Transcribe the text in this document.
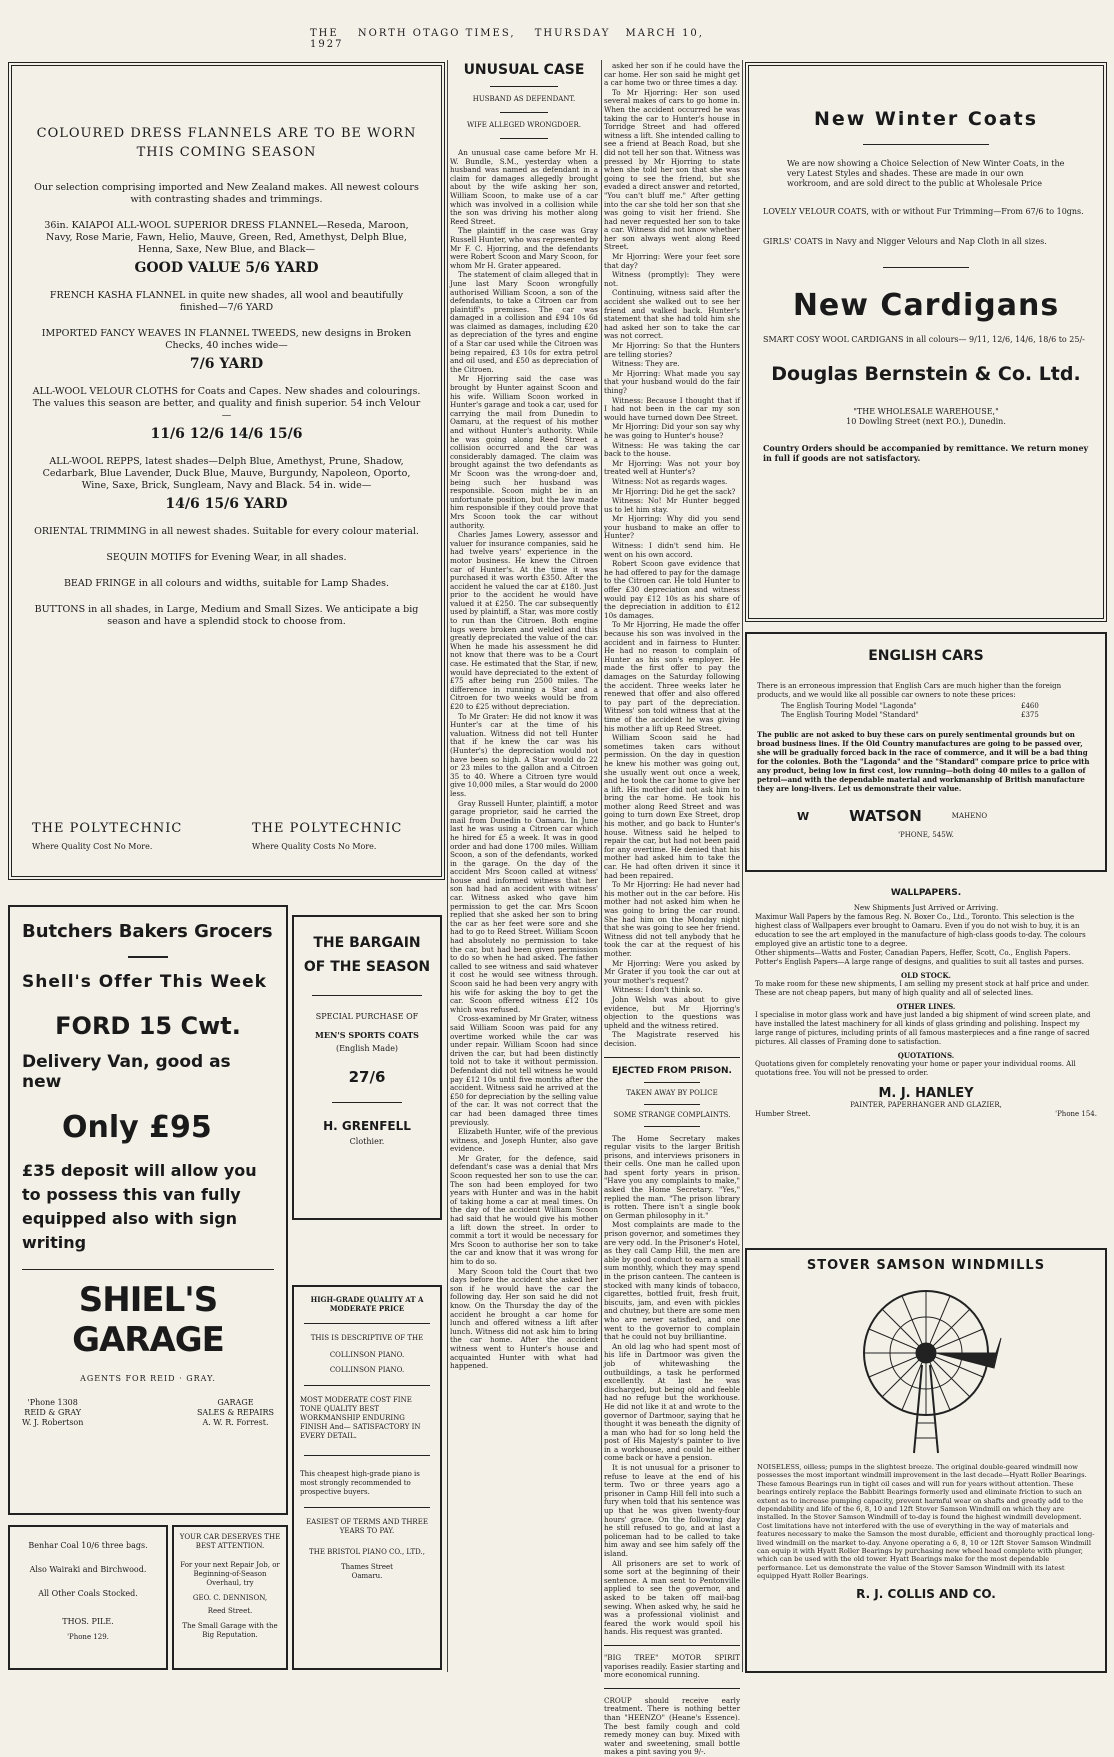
THE NORTH OTAGO TIMES, THURSDAY MARCH 10, 1927

COLOURED DRESS FLANNELS ARE TO BE WORN

THIS COMING SEASON

Our selection comprising imported and New Zealand makes. All newest colours with contrasting shades and trimmings.

36in. KAIAPOI ALL-WOOL SUPERIOR DRESS FLANNEL—Reseda, Maroon, Navy, Rose Marie, Fawn, Helio, Mauve, Green, Red, Amethyst, Delph Blue, Henna, Saxe, New Blue, and Black—

GOOD VALUE 5/6 YARD

FRENCH KASHA FLANNEL in quite new shades, all wool and beautifully finished—7/6 YARD

IMPORTED FANCY WEAVES IN FLANNEL TWEEDS, new designs in Broken Checks, 40 inches wide—

7/6 YARD

ALL-WOOL VELOUR CLOTHS for Coats and Capes. New shades and colourings. The values this season are better, and quality and finish superior. 54 inch Velour—

11/6 12/6 14/6 15/6

ALL-WOOL REPPS, latest shades—Delph Blue, Amethyst, Prune, Shadow, Cedarbark, Blue Lavender, Duck Blue, Mauve, Burgundy, Napoleon, Oporto, Wine, Saxe, Brick, Sungleam, Navy and Black. 54 in. wide—

14/6 15/6 YARD

ORIENTAL TRIMMING in all newest shades. Suitable for every colour material.

SEQUIN MOTIFS for Evening Wear, in all shades.

BEAD FRINGE in all colours and widths, suitable for Lamp Shades.

BUTTONS in all shades, in Large, Medium and Small Sizes. We anticipate a big season and have a splendid stock to choose from.

THE POLYTECHNIC

Where Quality Cost No More.

THE POLYTECHNIC

Where Quality Costs No More.

Butchers Bakers Grocers

Shell's Offer This Week

FORD 15 Cwt.

Delivery Van, good as new

Only £95

£35 deposit will allow you to possess this van fully equipped also with sign writing

SHIEL'S GARAGE

AGENTS FOR REID · GRAY.

'Phone 1308

REID & GRAY

W. J. Robertson

GARAGE

SALES & REPAIRS

A. W. R. Forrest.

THE BARGAIN OF THE SEASON

SPECIAL PURCHASE OF

MEN'S SPORTS COATS

(English Made)

27/6

H. GRENFELL

Clothier.

HIGH-GRADE QUALITY AT A MODERATE PRICE

THIS IS DESCRIPTIVE OF THE

COLLINSON PIANO.

COLLINSON PIANO.

MOST MODERATE COST FINE TONE QUALITY BEST WORKMANSHIP ENDURING FINISH And— SATISFACTORY IN EVERY DETAIL.

This cheapest high-grade piano is most strongly recommended to prospective buyers.

EASIEST OF TERMS AND THREE YEARS TO PAY.

THE BRISTOL PIANO CO., LTD.,

Thames Street

Oamaru.

Benhar Coal 10/6 three bags.

Also Wairaki and Birchwood.

All Other Coals Stocked.

THOS. PILE.

'Phone 129.

YOUR CAR DESERVES THE BEST ATTENTION.

For your next Repair Job, or Beginning-of-Season Overhaul, try

GEO. C. DENNISON,

Reed Street.

The Small Garage with the Big Reputation.

UNUSUAL CASE

HUSBAND AS DEFENDANT.

WIFE ALLEGED WRONGDOER.

An unusual case came before Mr H. W. Bundle, S.M., yesterday when a husband was named as defendant in a claim for damages allegedly brought about by the wife asking her son, William Scoon, to make use of a car which was involved in a collision while the son was driving his mother along Reed Street.

The plaintiff in the case was Gray Russell Hunter, who was represented by Mr F. C. Hjorring, and the defendants were Robert Scoon and Mary Scoon, for whom Mr H. Grater appeared.

The statement of claim alleged that in June last Mary Scoon wrongfully authorised William Scoon, a son of the defendants, to take a Citroen car from plaintiff's premises. The car was damaged in a collision and £94 10s 6d was claimed as damages, including £20 as depreciation of the tyres and engine of a Star car used while the Citroen was being repaired, £3 10s for extra petrol and oil used, and £50 as depreciation of the Citroen.

Mr Hjorring said the case was brought by Hunter against Scoon and his wife. William Scoon worked in Hunter's garage and took a car, used for carrying the mail from Dunedin to Oamaru, at the request of his mother and without Hunter's authority. While he was going along Reed Street a collision occurred and the car was considerably damaged. The claim was brought against the two defendants as Mr Scoon was the wrong-doer and, being such her husband was responsible. Scoon might be in an unfortunate position, but the law made him responsible if they could prove that Mrs Scoon took the car without authority.

Charles James Lowery, assessor and valuer for insurance companies, said he had twelve years' experience in the motor business. He knew the Citroen car of Hunter's. At the time it was purchased it was worth £350. After the accident he valued the car at £180. Just prior to the accident he would have valued it at £250. The car subsequently used by plaintiff, a Star, was more costly to run than the Citroen. Both engine lugs were broken and welded and this greatly depreciated the value of the car. When he made his assessment he did not know that there was to be a Court case. He estimated that the Star, if new, would have depreciated to the extent of £75 after being run 2500 miles. The difference in running a Star and a Citroen for two weeks would be from £20 to £25 without depreciation.

To Mr Grater: He did not know it was Hunter's car at the time of his valuation. Witness did not tell Hunter that if he knew the car was his (Hunter's) the depreciation would not have been so high. A Star would do 22 or 23 miles to the gallon and a Citroen 35 to 40. Where a Citroen tyre would give 10,000 miles, a Star would do 2000 less.

Gray Russell Hunter, plaintiff, a motor garage proprietor, said he carried the mail from Dunedin to Oamaru. In June last he was using a Citroen car which he hired for £5 a week. It was in good order and had done 1700 miles. William Scoon, a son of the defendants, worked in the garage. On the day of the accident Mrs Scoon called at witness' house and informed witness that her son had had an accident with witness' car. Witness asked who gave him permission to get the car. Mrs Scoon replied that she asked her son to bring the car as her feet were sore and she had to go to Reed Street. William Scoon had absolutely no permission to take the car, but had been given permission to do so when he had asked. The father called to see witness and said whatever it cost he would see witness through. Scoon said he had been very angry with his wife for asking the boy to get the car. Scoon offered witness £12 10s which was refused.

Cross-examined by Mr Grater, witness said William Scoon was paid for any overtime worked while the car was under repair. William Scoon had since driven the car, but had been distinctly told not to take it without permission. Defendant did not tell witness he would pay £12 10s until five months after the accident. Witness said he arrived at the £50 for depreciation by the selling value of the car. It was not correct that the car had been damaged three times previously.

Elizabeth Hunter, wife of the previous witness, and Joseph Hunter, also gave evidence.

Mr Grater, for the defence, said defendant's case was a denial that Mrs Scoon requested her son to use the car. The son had been employed for two years with Hunter and was in the habit of taking home a car at meal times. On the day of the accident William Scoon had said that he would give his mother a lift down the street. In order to commit a tort it would be necessary for Mrs Scoon to authorise her son to take the car and know that it was wrong for him to do so.

Mary Scoon told the Court that two days before the accident she asked her son if he would have the car the following day. Her son said he did not know. On the Thursday the day of the accident he brought a car home for lunch and offered witness a lift after lunch. Witness did not ask him to bring the car home. After the accident witness went to Hunter's house and acquainted Hunter with what had happened.

asked her son if he could have the car home. Her son said he might get a car home two or three times a day.

To Mr Hjorring: Her son used several makes of cars to go home in. When the accident occurred he was taking the car to Hunter's house in Torridge Street and had offered witness a lift. She intended calling to see a friend at Beach Road, but she did not tell her son that. Witness was pressed by Mr Hjorring to state when she told her son that she was going to see the friend, but she evaded a direct answer and retorted, "You can't bluff me." After getting into the car she told her son that she was going to visit her friend. She had never requested her son to take a car. Witness did not know whether her son always went along Reed Street.

Mr Hjorring: Were your feet sore that day?

Witness (promptly): They were not.

Continuing, witness said after the accident she walked out to see her friend and walked back. Hunter's statement that she had told him she had asked her son to take the car was not correct.

Mr Hjorring: So that the Hunters are telling stories?

Witness: They are.

Mr Hjorring: What made you say that your husband would do the fair thing?

Witness: Because I thought that if I had not been in the car my son would have turned down Dee Street.

Mr Hjorring: Did your son say why he was going to Hunter's house?

Witness: He was taking the car back to the house.

Mr Hjorring: Was not your boy treated well at Hunter's?

Witness: Not as regards wages.

Mr Hjorring: Did he get the sack?

Witness: No! Mr Hunter begged us to let him stay.

Mr Hjorring: Why did you send your husband to make an offer to Hunter?

Witness: I didn't send him. He went on his own accord.

Robert Scoon gave evidence that he had offered to pay for the damage to the Citroen car. He told Hunter to offer £30 depreciation and witness would pay £12 10s as his share of the depreciation in addition to £12 10s damages.

To Mr Hjorring, He made the offer because his son was involved in the accident and in fairness to Hunter. He had no reason to complain of Hunter as his son's employer. He made the first offer to pay the damages on the Saturday following the accident. Three weeks later he renewed that offer and also offered to pay part of the depreciation. Witness' son told witness that at the time of the accident he was giving his mother a lift up Reed Street.

William Scoon said he had sometimes taken cars without permission. On the day in question he knew his mother was going out, she usually went out once a week, and he took the car home to give her a lift. His mother did not ask him to bring the car home. He took his mother along Reed Street and was going to turn down Exe Street, drop his mother, and go back to Hunter's house. Witness said he helped to repair the car, but had not been paid for any overtime. He denied that his mother had asked him to take the car. He had often driven it since it had been repaired.

To Mr Hjorring: He had never had his mother out in the car before. His mother had not asked him when he was going to bring the car round. She had him on the Monday night that she was going to see her friend. Witness did not tell anybody that he took the car at the request of his mother.

Mr Hjorring: Were you asked by Mr Grater if you took the car out at your mother's request?

Witness: I don't think so.

John Welsh was about to give evidence, but Mr Hjorring's objection to the questions was upheld and the witness retired.

The Magistrate reserved his decision.

EJECTED FROM PRISON.

TAKEN AWAY BY POLICE

SOME STRANGE COMPLAINTS.

The Home Secretary makes regular visits to the larger British prisons, and interviews prisoners in their cells. One man he called upon had spent forty years in prison. "Have you any complaints to make," asked the Home Secretary. "Yes," replied the man. "The prison library is rotten. There isn't a single book on German philosophy in it."

Most complaints are made to the prison governor, and sometimes they are very odd. In the Prisoner's Hotel, as they call Camp Hill, the men are able by good conduct to earn a small sum monthly, which they may spend in the prison canteen. The canteen is stocked with many kinds of tobacco, cigarettes, bottled fruit, fresh fruit, biscuits, jam, and even with pickles and chutney, but there are some men who are never satisfied, and one went to the governor to complain that he could not buy brilliantine.

An old lag who had spent most of his life in Dartmoor was given the job of whitewashing the outbuildings, a task he performed excellently. At last he was discharged, but being old and feeble had no refuge but the workhouse. He did not like it at and wrote to the governor of Dartmoor, saying that he thought it was beneath the dignity of a man who had for so long held the post of His Majesty's painter to live in a workhouse, and could he either come back or have a pension.

It is not unusual for a prisoner to refuse to leave at the end of his term. Two or three years ago a prisoner in Camp Hill fell into such a fury when told that his sentence was up that he was given twenty-four hours' grace. On the following day he still refused to go, and at last a policeman had to be called to take him away and see him safely off the island.

All prisoners are set to work of some sort at the beginning of their sentence. A man sent to Pentonville applied to see the governor, and asked to be taken off mail-bag sewing. When asked why, he said he was a professional violinist and feared the work would spoil his hands. His request was granted.

"BIG TREE" MOTOR SPIRIT vaporises readily. Easier starting and more economical running.

CROUP should receive early treatment. There is nothing better than "HEENZO" (Heane's Essence). The best family cough and cold remedy money can buy. Mixed with water and sweetening, small bottle makes a pint saving you 9/-.

New Winter Coats

We are now showing a Choice Selection of New Winter Coats, in the very Latest Styles and shades. These are made in our own workroom, and are sold direct to the public at Wholesale Price

LOVELY VELOUR COATS, with or without Fur Trimming—From 67/6 to 10gns.

GIRLS' COATS in Navy and Nigger Velours and Nap Cloth in all sizes.

New Cardigans

SMART COSY WOOL CARDIGANS in all colours— 9/11, 12/6, 14/6, 18/6 to 25/-

Douglas Bernstein & Co. Ltd.

"THE WHOLESALE WAREHOUSE,"

10 Dowling Street (next P.O.), Dunedin.

Country Orders should be accompanied by remittance. We return money in full if goods are not satisfactory.

ENGLISH CARS

There is an erroneous impression that English Cars are much higher than the foreign products, and we would like all possible car owners to note these prices:

The English Touring Model "Lagonda"	£460
The English Touring Model "Standard"	£375

The public are not asked to buy these cars on purely sentimental grounds but on broad business lines. If the Old Country manufactures are going to be passed over, she will be gradually forced back in the race of commerce, and it will be a bad thing for the colonies. Both the "Lagonda" and the "Standard" compare price to price with any product, being low in first cost, low running—both doing 40 miles to a gallon of petrol—and with the dependable material and workmanship of British manufacture they are long-livers. Let us demonstrate their value.

W	WATSON	MAHENO

'PHONE, 545W.

WALLPAPERS.

New Shipments Just Arrived or Arriving.

Maximur Wall Papers by the famous Reg. N. Boxer Co., Ltd., Toronto. This selection is the highest class of Wallpapers ever brought to Oamaru. Even if you do not wish to buy, it is an education to see the art employed in the manufacture of high-class goods to-day. The colours employed give an artistic tone to a degree.

Other shipments—Watts and Foster, Canadian Papers, Heffer, Scott, Co., English Papers.

Potter's English Papers—A large range of designs, and qualities to suit all tastes and purses.

OLD STOCK.

To make room for these new shipments, I am selling my present stock at half price and under. These are not cheap papers, but many of high quality and all of selected lines.

OTHER LINES.

I specialise in motor glass work and have just landed a big shipment of wind screen plate, and have installed the latest machinery for all kinds of glass grinding and polishing. Inspect my large range of pictures, including prints of all famous masterpieces and a fine range of sacred pictures. All classes of Framing done to satisfaction.

QUOTATIONS.

Quotations given for completely renovating your home or paper your individual rooms. All quotations free. You will not be pressed to order.

M. J. HANLEY

PAINTER, PAPERHANGER AND GLAZIER,

Humber Street.	'Phone 154.

STOVER SAMSON WINDMILLS

NOISELESS, oilless; pumps in the slightest breeze. The original double-geared windmill now possesses the most important windmill improvement in the last decade—Hyatt Roller Bearings. These famous Bearings run in tight oil cases and will run for years without attention. These bearings entirely replace the Babbitt Bearings formerly used and eliminate friction to such an extent as to increase pumping capacity, prevent harmful wear on shafts and greatly add to the dependability and life of the 6, 8, 10 and 12ft Stover Samson Windmill on which they are installed. In the Stover Samson Windmill of to-day is found the highest windmill development. Cost limitations have not interfered with the use of everything in the way of materials and features necessary to make the Samson the most durable, efficient and thoroughly practical long-lived windmill on the market to-day. Anyone operating a 6, 8, 10 or 12ft Stover Samson Windmill can equip it with Hyatt Roller Bearings by purchasing new wheel head complete with plunger, which can be used with the old tower. Hyatt Bearings make for the most dependable performance. Let us demonstrate the value of the Stover Samson Windmill with its latest equipped Hyatt Roller Bearings.

R. J. COLLIS AND CO.
